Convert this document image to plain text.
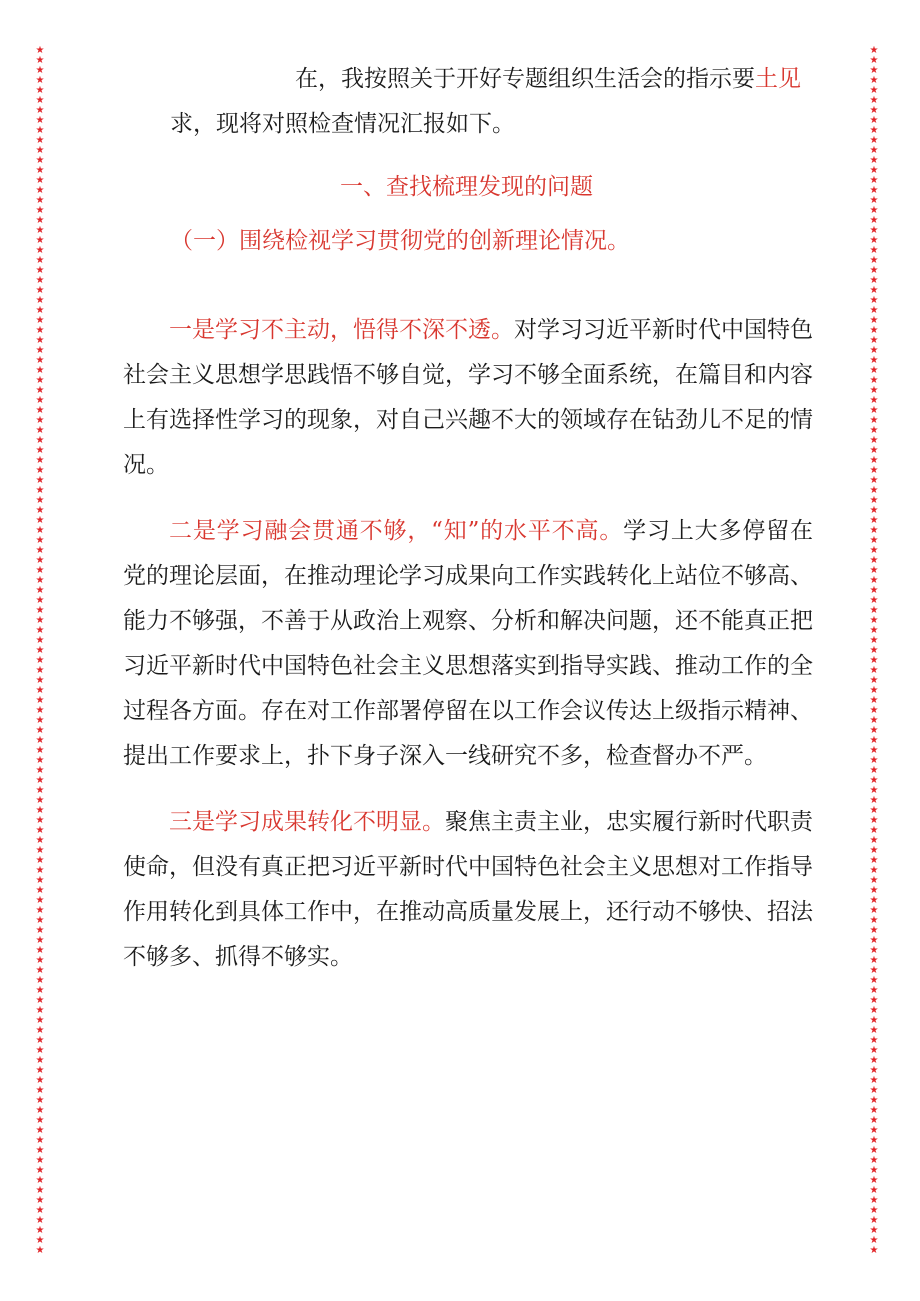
★
★
★
★
★
★
★
★
★
★
★
★
★
★
★
★
★
★
★
★
★
★
★
★
★
★
★
★
★
★
★
★
★
★
★
★
★
★
★
★
★
★
★
★
★
★
★
★
★
★
★
★
★
★
★
★
★
★
★
★
★
★
★
★
★
★
★
★
★
★
★
★
★
★
★
★
★
★
★
★
★
★
★
★
★
★
★
★
★
★
★
★
★
★
★
★
★
★
★
★
★
★
★
★
★
★
★
★
★
★
★
★
★
★
★
★
★
★
★
★
★
★
★
★
★
★
★
★
★
★
★
★
★
★
★
★
★
★
★
★
★
★
★
★
★
★
★
★
★
★
★
★
★
★
★
★
★
★
★
★
★
★
★
★
★
★
★
★
★
★
★
★
★
★
★
★
★
★
★
★
★
★
★
★
★
★
★
★
★
★
★
★
★
★
★
★
★
★
★
★
★
★
★
★
★
★
★
★
★
★
★
★
★
★
★
★
★
★
★
★
★
★
★
★
★
★
★
★
★
★
★
★
★
★
★
★
★
★
★
★
★
★
在，我按照关于开好专题组织生活会的指示要土见
求，现将对照检查情况汇报如下。
一、查找梳理发现的问题
（一）围绕检视学习贯彻党的创新理论情况。

一是学习不主动，悟得不深不透。对学习习近平新时代中国特色社会主义思想学思践悟不够自觉，学习不够全面系统，在篇目和内容上有选择性学习的现象，对自己兴趣不大的领域存在钻劲儿不足的情况。

二是学习融会贯通不够，“知”的水平不高。学习上大多停留在党的理论层面，在推动理论学习成果向工作实践转化上站位不够高、能力不够强，不善于从政治上观察、分析和解决问题，还不能真正把习近平新时代中国特色社会主义思想落实到指导实践、推动工作的全过程各方面。存在对工作部署停留在以工作会议传达上级指示精神、提出工作要求上，扑下身子深入一线研究不多，检查督办不严。

三是学习成果转化不明显。聚焦主责主业，忠实履行新时代职责使命，但没有真正把习近平新时代中国特色社会主义思想对工作指导作用转化到具体工作中，在推动高质量发展上，还行动不够快、招法不够多、抓得不够实。
